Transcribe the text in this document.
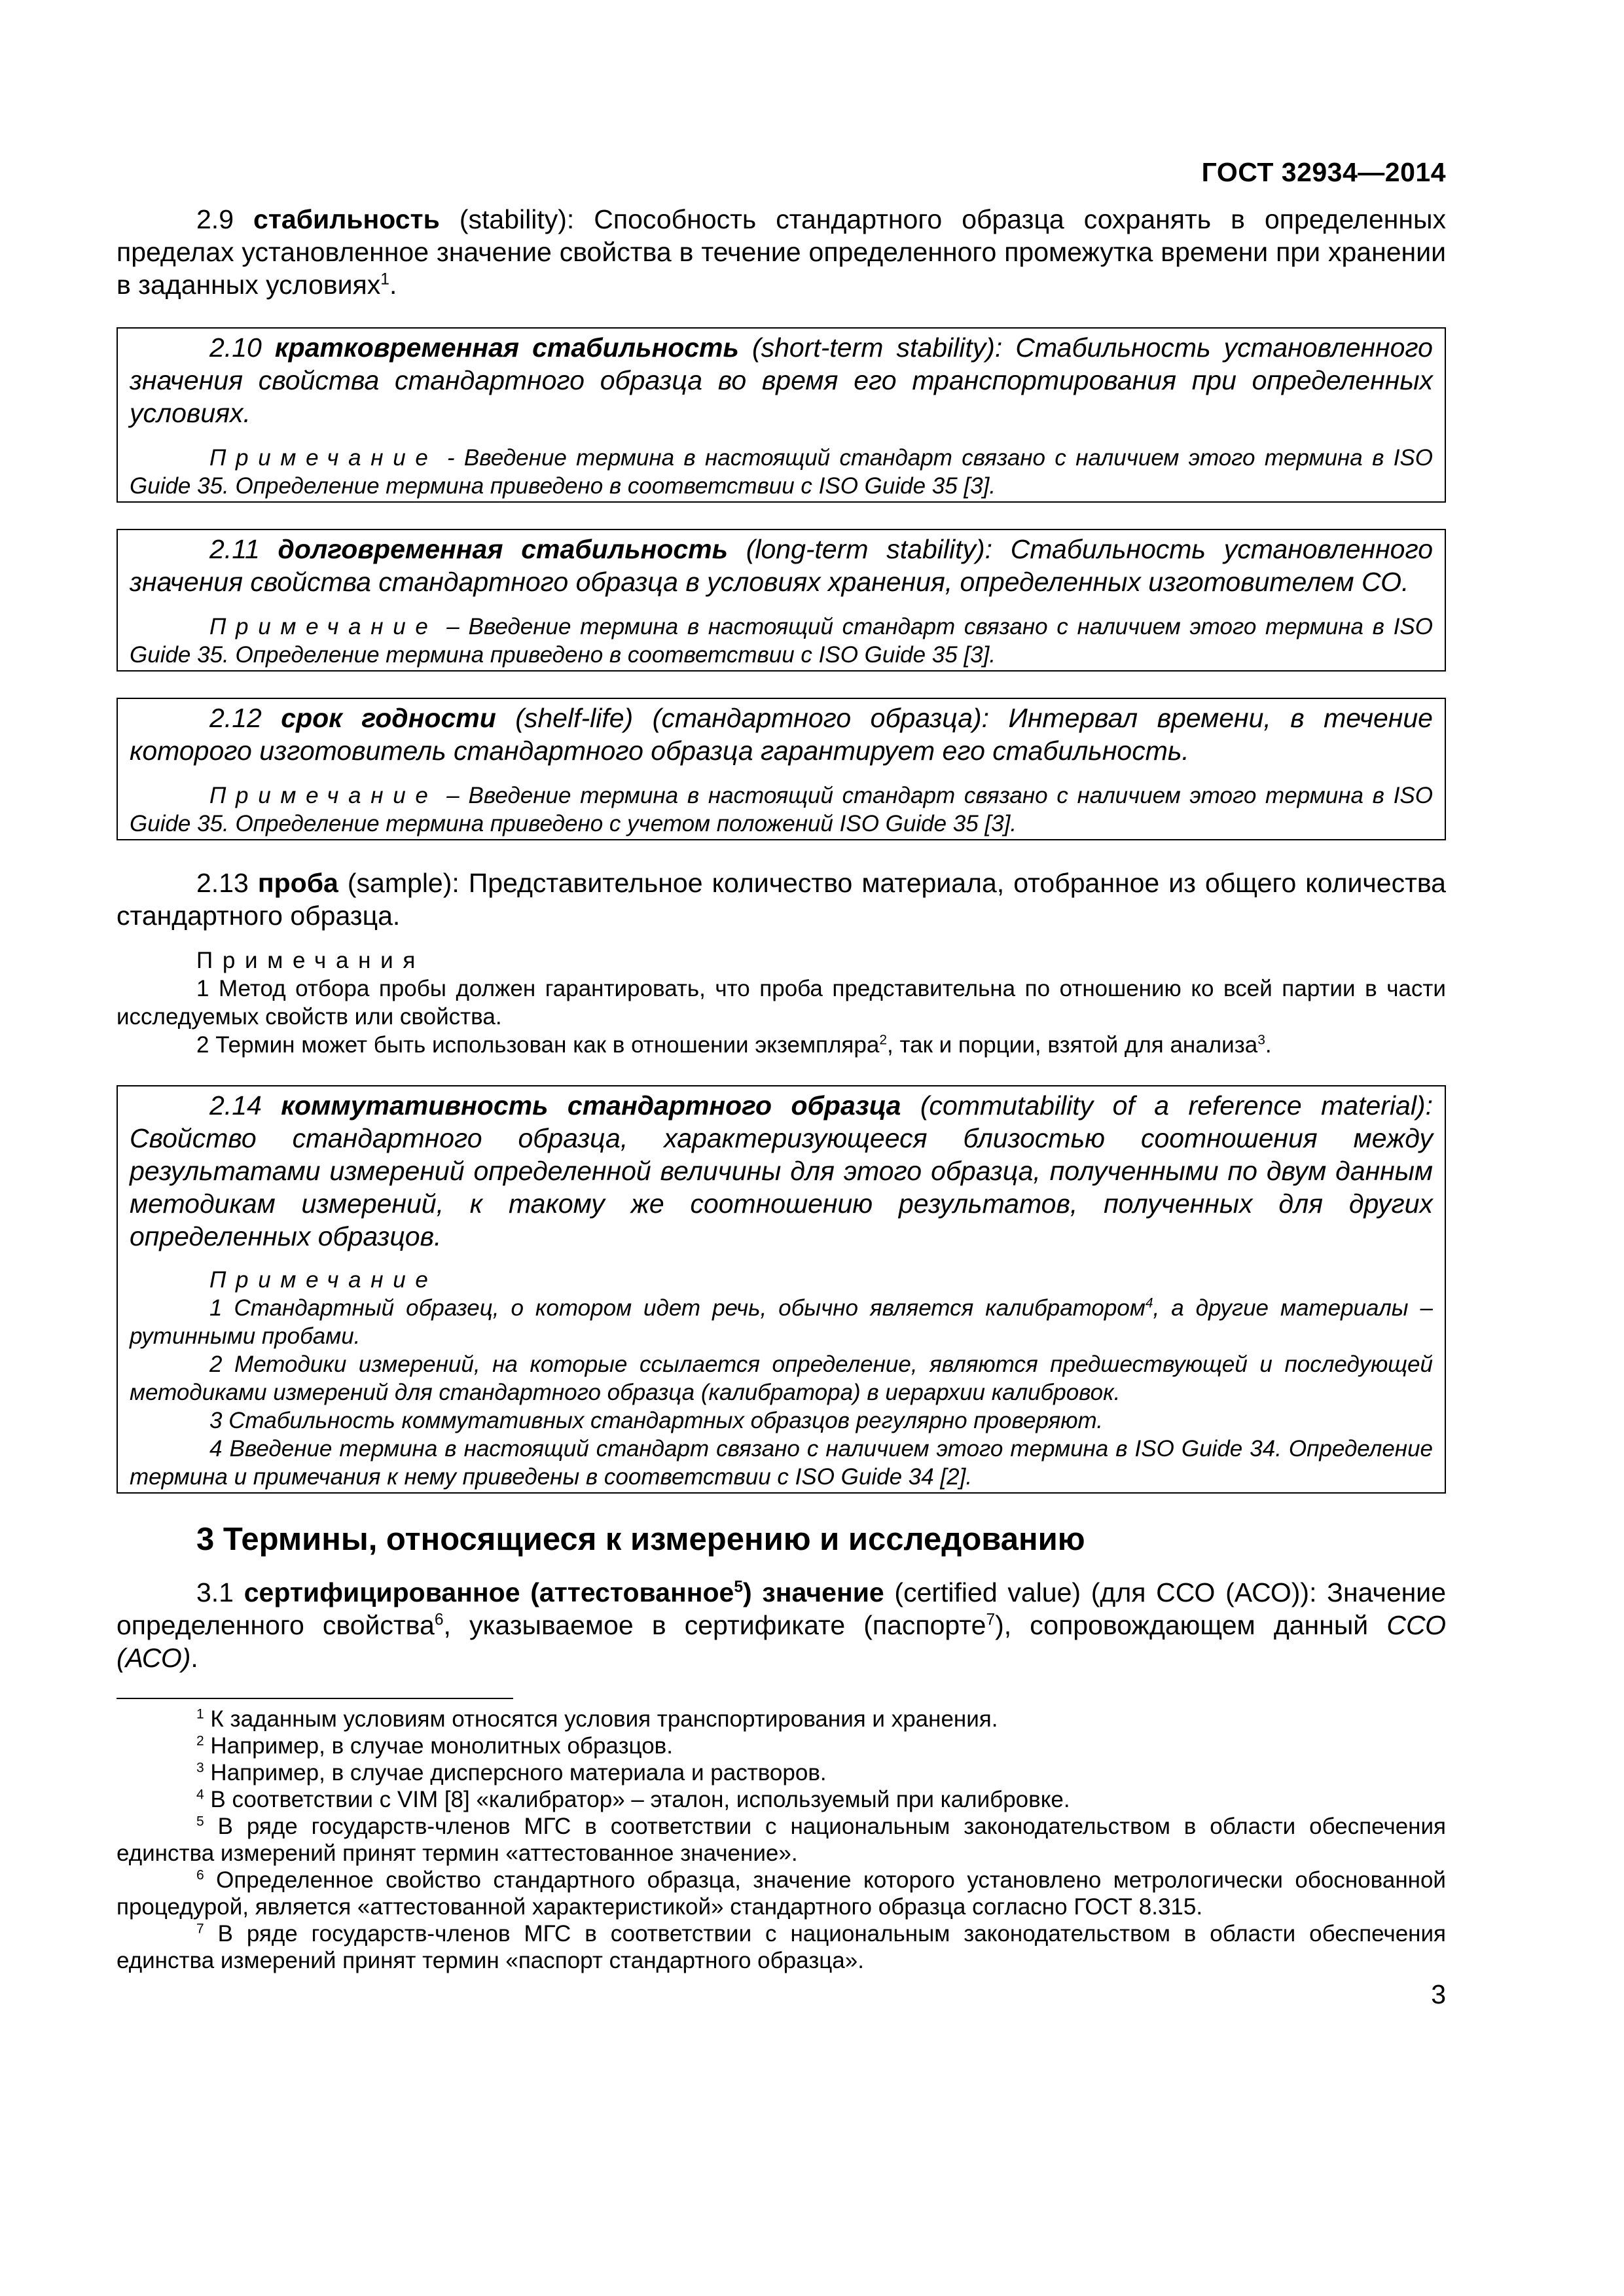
ГОСТ 32934—2014

2.9 стабильность (stability): Способность стандартного образца сохранять в определенных пределах установленное значение свойства в течение определенного промежутка времени при хранении в заданных условиях$^1$.

2.10 кратковременная стабильность (short-term stability): Стабильность установленного значения свойства стандартного образца во время его транспортирования при определенных условиях.

Примечание - Введение термина в настоящий стандарт связано с наличием этого термина в ISO Guide 35. Определение термина приведено в соответствии с ISO Guide 35 [3].

2.11 долговременная стабильность (long-term stability): Стабильность установленного значения свойства стандартного образца в условиях хранения, определенных изготовителем СО.

Примечание – Введение термина в настоящий стандарт связано с наличием этого термина в ISO Guide 35. Определение термина приведено в соответствии с ISO Guide 35 [3].

2.12 срок годности (shelf-life) (стандартного образца): Интервал времени, в течение которого изготовитель стандартного образца гарантирует его стабильность.

Примечание – Введение термина в настоящий стандарт связано с наличием этого термина в ISO Guide 35. Определение термина приведено с учетом положений ISO Guide 35 [3].

2.13 проба (sample): Представительное количество материала, отобранное из общего количества стандартного образца.

Примечания

1 Метод отбора пробы должен гарантировать, что проба представительна по отношению ко всей партии в части исследуемых свойств или свойства.

2 Термин может быть использован как в отношении экземпляра$^2$, так и порции, взятой для анализа$^3$.

2.14 коммутативность стандартного образца (commutability of a reference material): Свойство стандартного образца, характеризующееся близостью соотношения между результатами измерений определенной величины для этого образца, полученными по двум данным методикам измерений, к такому же соотношению результатов, полученных для других определенных образцов.

Примечание

1 Стандартный образец, о котором идет речь, обычно является калибратором$^4$, а другие материалы – рутинными пробами.

2 Методики измерений, на которые ссылается определение, являются предшествующей и последующей методиками измерений для стандартного образца (калибратора) в иерархии калибровок.

3 Стабильность коммутативных стандартных образцов регулярно проверяют.

4 Введение термина в настоящий стандарт связано с наличием этого термина в ISO Guide 34. Определение термина и примечания к нему приведены в соответствии с ISO Guide 34 [2].

3 Термины, относящиеся к измерению и исследованию

3.1 сертифицированное (аттестованное$^5$) значение (certified value) (для ССО (АСО)): Значение определенного свойства$^6$, указываемое в сертификате (паспорте$^7$), сопровождающем данный ССО (АСО).

$^1$ К заданным условиям относятся условия транспортирования и хранения.

$^2$ Например, в случае монолитных образцов.

$^3$ Например, в случае дисперсного материала и растворов.

$^4$ В соответствии с VIM [8] «калибратор» – эталон, используемый при калибровке.

$^5$ В ряде государств-членов МГС в соответствии с национальным законодательством в области обеспечения единства измерений принят термин «аттестованное значение».

$^6$ Определенное свойство стандартного образца, значение которого установлено метрологически обоснованной процедурой, является «аттестованной характеристикой» стандартного образца согласно ГОСТ 8.315.

$^7$ В ряде государств-членов МГС в соответствии с национальным законодательством в области обеспечения единства измерений принят термин «паспорт стандартного образца».

3
